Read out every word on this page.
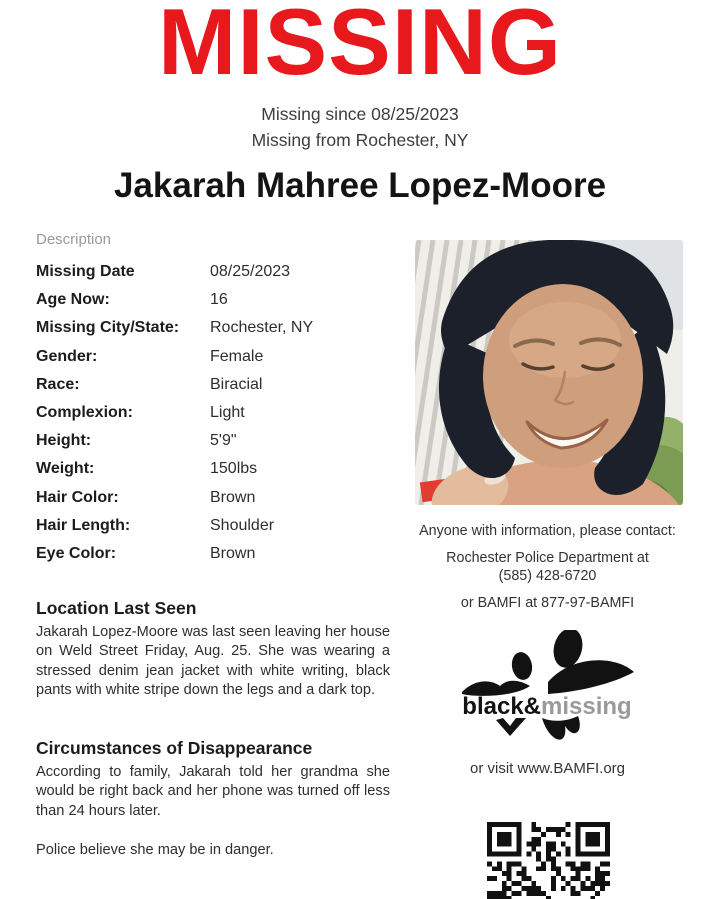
MISSING
Missing since 08/25/2023
Missing from Rochester, NY
Jakarah Mahree Lopez-Moore
Description
Missing Date	08/25/2023
Age Now:	16
Missing City/State:	Rochester, NY
Gender:	Female
Race:	Biracial
Complexion:	Light
Height:	5'9"
Weight:	150lbs
Hair Color:	Brown
Hair Length:	Shoulder
Eye Color:	Brown
Location Last Seen
Jakarah Lopez-Moore was last seen leaving her house on Weld Street Friday, Aug. 25. She was wearing a stressed denim jean jacket with white writing, black pants with white stripe down the legs and a dark top.
Circumstances of Disappearance
According to family, Jakarah told her grandma she would be right back and her phone was turned off less than 24 hours later.
Police believe she may be in danger.
Anyone with information, please contact:
Rochester Police Department at
(585) 428-6720
or BAMFI at 877-97-BAMFI
black&missing
or visit www.BAMFI.org
